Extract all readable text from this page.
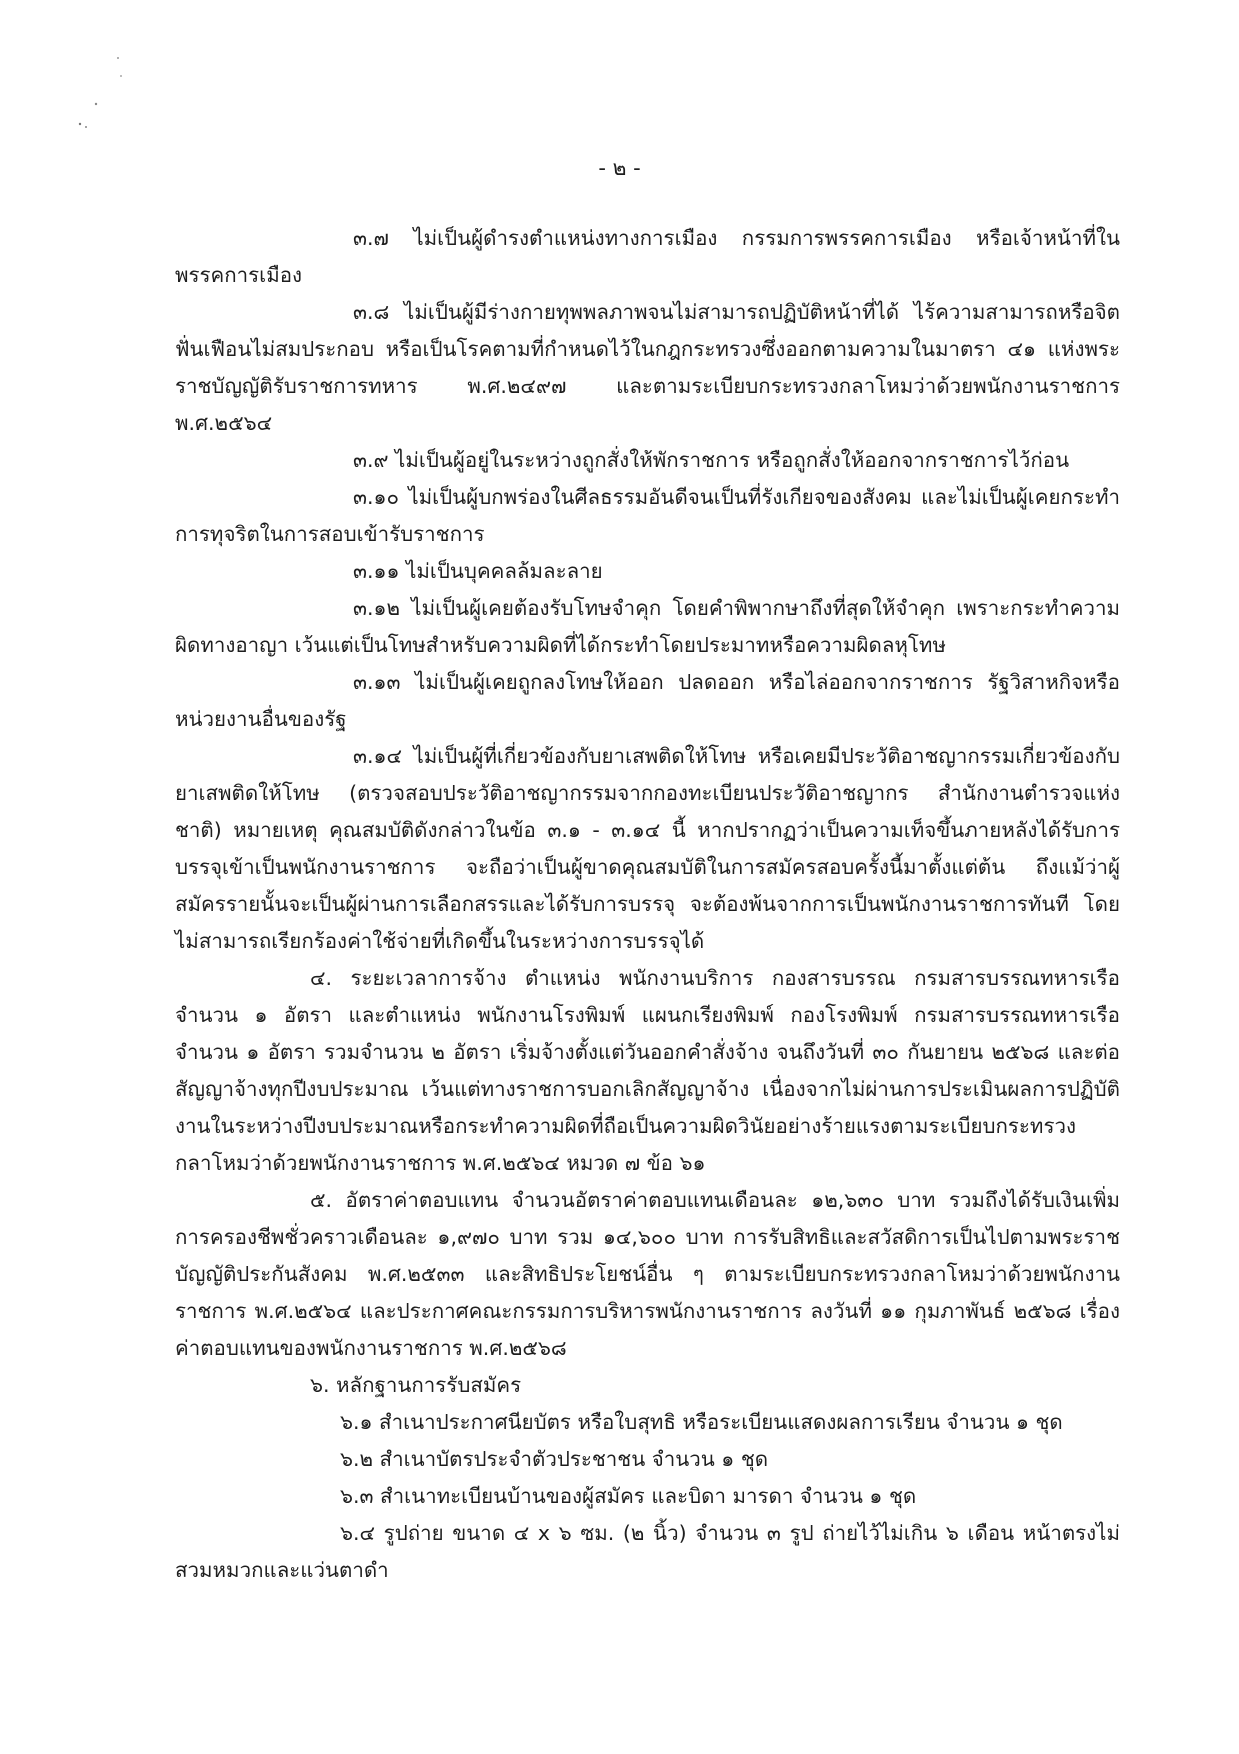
- ๒ -

๓.๗ ไม่เป็นผู้ดำรงตำแหน่งทางการเมือง กรรมการพรรคการเมือง หรือเจ้าหน้าที่ในพรรคการเมือง

๓.๘ ไม่เป็นผู้มีร่างกายทุพพลภาพจนไม่สามารถปฏิบัติหน้าที่ได้ ไร้ความสามารถหรือจิตฟั่นเฟือนไม่สมประกอบ หรือเป็นโรคตามที่กำหนดไว้ในกฎกระทรวงซึ่งออกตามความในมาตรา ๔๑ แห่งพระราชบัญญัติรับราชการทหาร พ.ศ.๒๔๙๗ และตามระเบียบกระทรวงกลาโหมว่าด้วยพนักงานราชการ พ.ศ.๒๕๖๔

๓.๙ ไม่เป็นผู้อยู่ในระหว่างถูกสั่งให้พักราชการ หรือถูกสั่งให้ออกจากราชการไว้ก่อน

๓.๑๐ ไม่เป็นผู้บกพร่องในศีลธรรมอันดีจนเป็นที่รังเกียจของสังคม และไม่เป็นผู้เคยกระทำการทุจริตในการสอบเข้ารับราชการ

๓.๑๑ ไม่เป็นบุคคลล้มละลาย

๓.๑๒ ไม่เป็นผู้เคยต้องรับโทษจำคุก โดยคำพิพากษาถึงที่สุดให้จำคุก เพราะกระทำความผิดทางอาญา เว้นแต่เป็นโทษสำหรับความผิดที่ได้กระทำโดยประมาทหรือความผิดลหุโทษ

๓.๑๓ ไม่เป็นผู้เคยถูกลงโทษให้ออก ปลดออก หรือไล่ออกจากราชการ รัฐวิสาหกิจหรือหน่วยงานอื่นของรัฐ

๓.๑๔ ไม่เป็นผู้ที่เกี่ยวข้องกับยาเสพติดให้โทษ หรือเคยมีประวัติอาชญากรรมเกี่ยวข้องกับยาเสพติดให้โทษ (ตรวจสอบประวัติอาชญากรรมจากกองทะเบียนประวัติอาชญากร สำนักงานตำรวจแห่งชาติ) หมายเหตุ คุณสมบัติดังกล่าวในข้อ ๓.๑ - ๓.๑๔ นี้ หากปรากฏว่าเป็นความเท็จขึ้นภายหลังได้รับการบรรจุเข้าเป็นพนักงานราชการ จะถือว่าเป็นผู้ขาดคุณสมบัติในการสมัครสอบครั้งนี้มาตั้งแต่ต้น ถึงแม้ว่าผู้สมัครรายนั้นจะเป็นผู้ผ่านการเลือกสรรและได้รับการบรรจุ จะต้องพ้นจากการเป็นพนักงานราชการทันที โดยไม่สามารถเรียกร้องค่าใช้จ่ายที่เกิดขึ้นในระหว่างการบรรจุได้

๔. ระยะเวลาการจ้าง ตำแหน่ง พนักงานบริการ กองสารบรรณ กรมสารบรรณทหารเรือ จำนวน ๑ อัตรา และตำแหน่ง พนักงานโรงพิมพ์ แผนกเรียงพิมพ์ กองโรงพิมพ์ กรมสารบรรณทหารเรือ จำนวน ๑ อัตรา รวมจำนวน ๒ อัตรา เริ่มจ้างตั้งแต่วันออกคำสั่งจ้าง จนถึงวันที่ ๓๐ กันยายน ๒๕๖๘ และต่อสัญญาจ้างทุกปีงบประมาณ เว้นแต่ทางราชการบอกเลิกสัญญาจ้าง เนื่องจากไม่ผ่านการประเมินผลการปฏิบัติงานในระหว่างปีงบประมาณหรือกระทำความผิดที่ถือเป็นความผิดวินัยอย่างร้ายแรงตามระเบียบกระทรวงกลาโหมว่าด้วยพนักงานราชการ พ.ศ.๒๕๖๔ หมวด ๗ ข้อ ๖๑

๕. อัตราค่าตอบแทน จำนวนอัตราค่าตอบแทนเดือนละ ๑๒,๖๓๐ บาท รวมถึงได้รับเงินเพิ่มการครองชีพชั่วคราวเดือนละ ๑,๙๗๐ บาท รวม ๑๔,๖๐๐ บาท การรับสิทธิและสวัสดิการเป็นไปตามพระราชบัญญัติประกันสังคม พ.ศ.๒๕๓๓ และสิทธิประโยชน์อื่น ๆ ตามระเบียบกระทรวงกลาโหมว่าด้วยพนักงานราชการ พ.ศ.๒๕๖๔ และประกาศคณะกรรมการบริหารพนักงานราชการ ลงวันที่ ๑๑ กุมภาพันธ์ ๒๕๖๘ เรื่อง ค่าตอบแทนของพนักงานราชการ พ.ศ.๒๕๖๘

๖. หลักฐานการรับสมัคร

๖.๑ สำเนาประกาศนียบัตร หรือใบสุทธิ หรือระเบียนแสดงผลการเรียน จำนวน ๑ ชุด

๖.๒ สำเนาบัตรประจำตัวประชาชน จำนวน ๑ ชุด

๖.๓ สำเนาทะเบียนบ้านของผู้สมัคร และบิดา มารดา จำนวน ๑ ชุด

๖.๔ รูปถ่าย ขนาด ๔ x ๖ ซม. (๒ นิ้ว) จำนวน ๓ รูป ถ่ายไว้ไม่เกิน ๖ เดือน หน้าตรงไม่สวมหมวกและแว่นตาดำ
